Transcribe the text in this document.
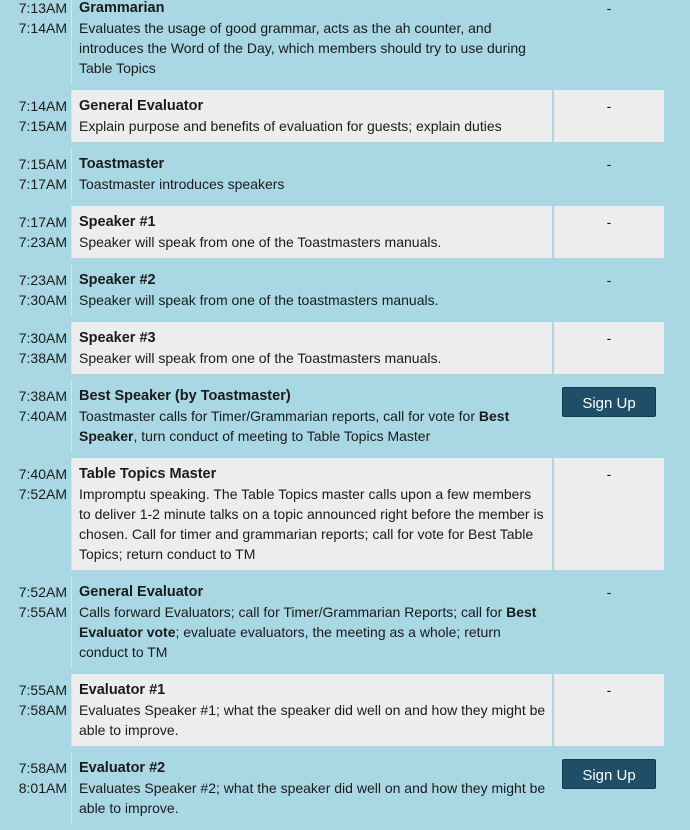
7:13AM
7:14AM
Grammarian
Evaluates the usage of good grammar, acts as the ah counter, and introduces the Word of the Day, which members should try to use during Table Topics
-
7:14AM
7:15AM
General Evaluator
Explain purpose and benefits of evaluation for guests; explain duties
-
7:15AM
7:17AM
Toastmaster
Toastmaster introduces speakers
-
7:17AM
7:23AM
Speaker #1
Speaker will speak from one of the Toastmasters manuals.
-
7:23AM
7:30AM
Speaker #2
Speaker will speak from one of the toastmasters manuals.
-
7:30AM
7:38AM
Speaker #3
Speaker will speak from one of the Toastmasters manuals.
-
7:38AM
7:40AM
Best Speaker (by Toastmaster)
Toastmaster calls for Timer/Grammarian reports, call for vote for Best Speaker, turn conduct of meeting to Table Topics Master
Sign Up
7:40AM
7:52AM
Table Topics Master
Impromptu speaking. The Table Topics master calls upon a few members to deliver 1-2 minute talks on a topic announced right before the member is chosen. Call for timer and grammarian reports; call for vote for Best Table Topics; return conduct to TM
-
7:52AM
7:55AM
General Evaluator
Calls forward Evaluators; call for Timer/Grammarian Reports; call for Best Evaluator vote; evaluate evaluators, the meeting as a whole; return conduct to TM
-
7:55AM
7:58AM
Evaluator #1
Evaluates Speaker #1; what the speaker did well on and how they might be able to improve.
-
7:58AM
8:01AM
Evaluator #2
Evaluates Speaker #2; what the speaker did well on and how they might be able to improve.
Sign Up
